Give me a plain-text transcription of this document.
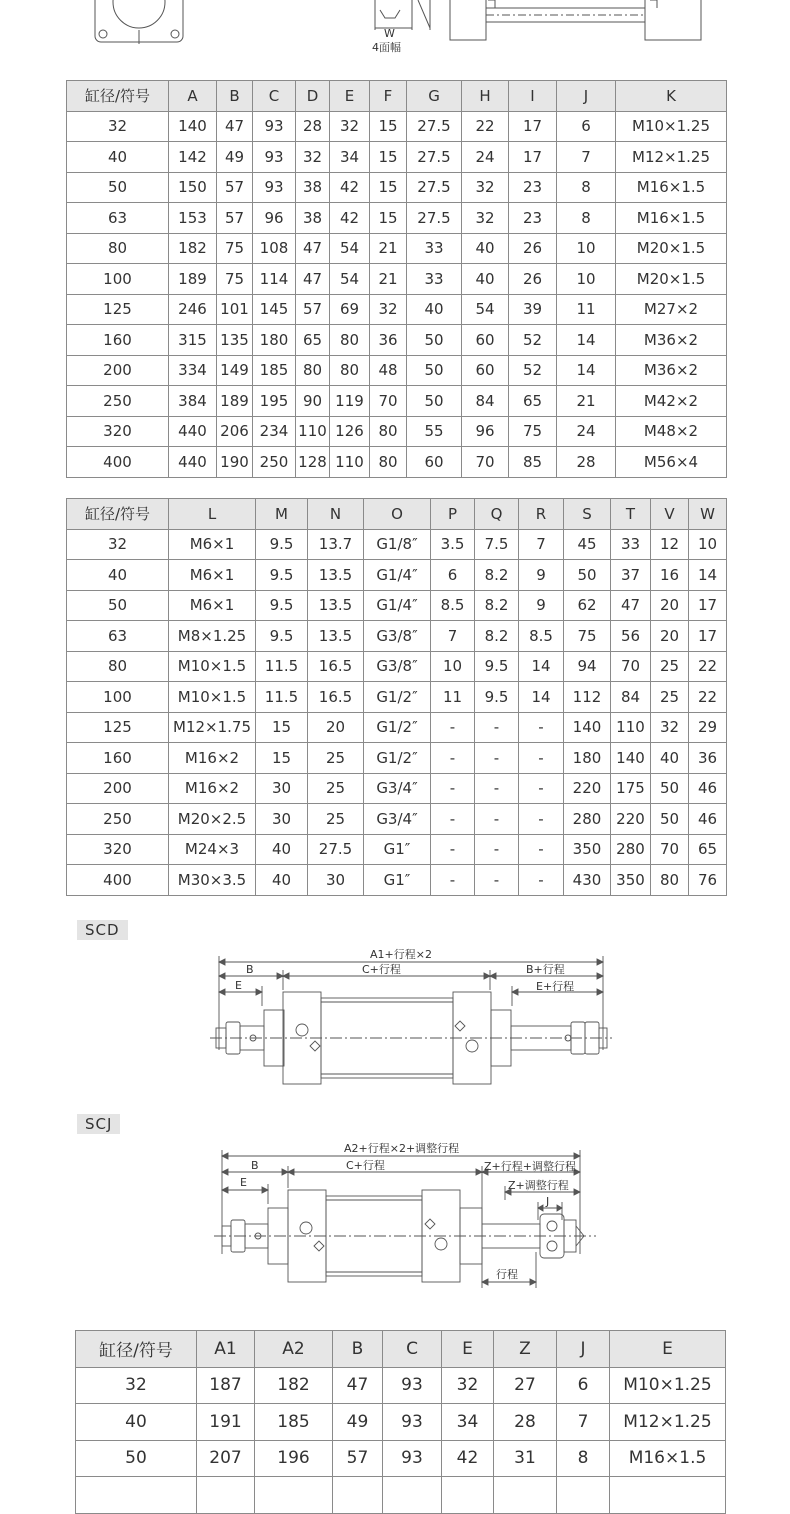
W
4面幅
缸径/符号	A	B	C	D	E	F	G	H	I	J	K
32	140	47	93	28	32	15	27.5	22	17	6	M10×1.25
40	142	49	93	32	34	15	27.5	24	17	7	M12×1.25
50	150	57	93	38	42	15	27.5	32	23	8	M16×1.5
63	153	57	96	38	42	15	27.5	32	23	8	M16×1.5
80	182	75	108	47	54	21	33	40	26	10	M20×1.5
100	189	75	114	47	54	21	33	40	26	10	M20×1.5
125	246	101	145	57	69	32	40	54	39	11	M27×2
160	315	135	180	65	80	36	50	60	52	14	M36×2
200	334	149	185	80	80	48	50	60	52	14	M36×2
250	384	189	195	90	119	70	50	84	65	21	M42×2
320	440	206	234	110	126	80	55	96	75	24	M48×2
400	440	190	250	128	110	80	60	70	85	28	M56×4
缸径/符号	L	M	N	O	P	Q	R	S	T	V	W
32	M6×1	9.5	13.7	G1/8″	3.5	7.5	7	45	33	12	10
40	M6×1	9.5	13.5	G1/4″	6	8.2	9	50	37	16	14
50	M6×1	9.5	13.5	G1/4″	8.5	8.2	9	62	47	20	17
63	M8×1.25	9.5	13.5	G3/8″	7	8.2	8.5	75	56	20	17
80	M10×1.5	11.5	16.5	G3/8″	10	9.5	14	94	70	25	22
100	M10×1.5	11.5	16.5	G1/2″	11	9.5	14	112	84	25	22
125	M12×1.75	15	20	G1/2″	-	-	-	140	110	32	29
160	M16×2	15	25	G1/2″	-	-	-	180	140	40	36
200	M16×2	30	25	G3/4″	-	-	-	220	175	50	46
250	M20×2.5	30	25	G3/4″	-	-	-	280	220	50	46
320	M24×3	40	27.5	G1″	-	-	-	350	280	70	65
400	M30×3.5	40	30	G1″	-	-	-	430	350	80	76
SCD
A1+行程×2
B	C+行程	B+行程
E	E+行程
SCJ
A2+行程×2+调整行程
B	C+行程	Z+行程+调整行程
Z+调整行程
J
E
行程
缸径/符号	A1	A2	B	C	E	Z	J	E
32	187	182	47	93	32	27	6	M10×1.25
40	191	185	49	93	34	28	7	M12×1.25
50	207	196	57	93	42	31	8	M16×1.5
